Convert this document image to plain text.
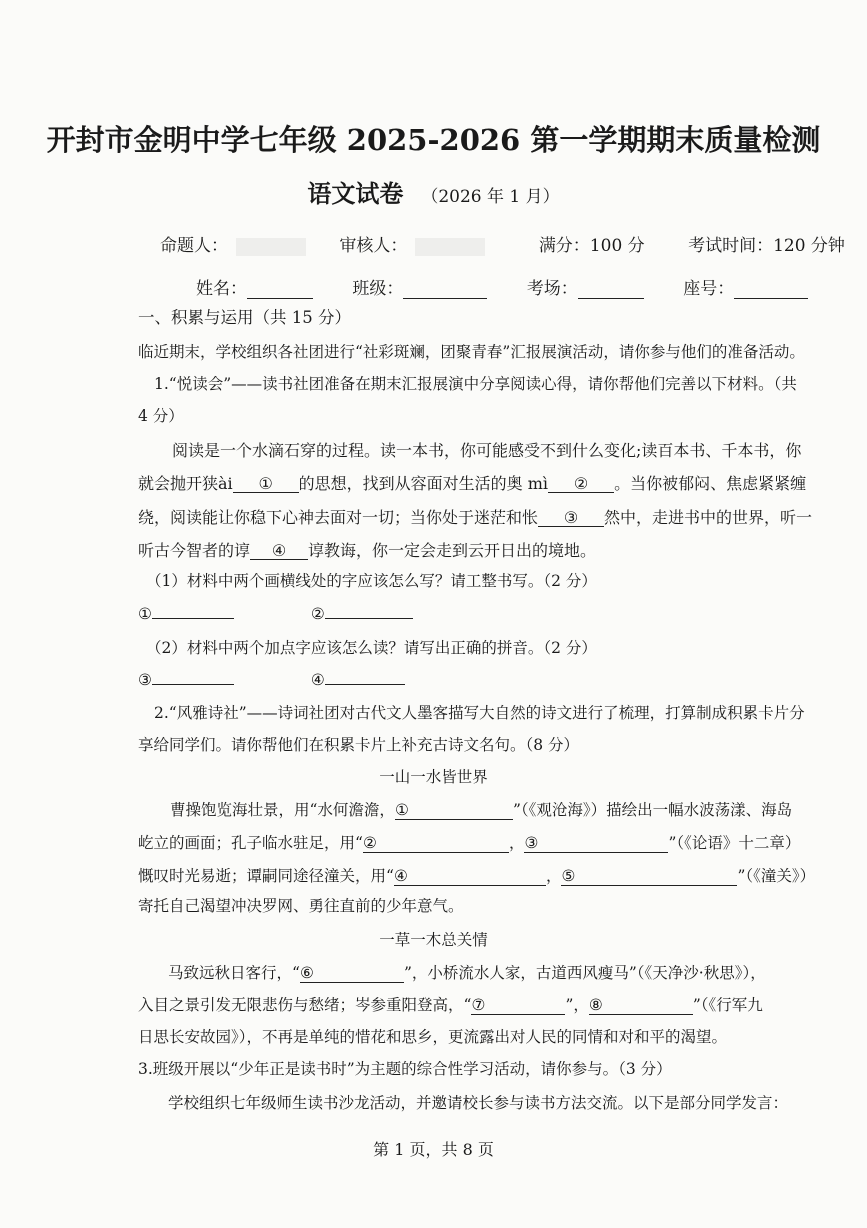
开封市金明中学七年级 2025-2026 第一学期期末质量检测
语文试卷 （2026 年 1 月）
命题人：	审核人：	满分：100 分	考试时间：120 分钟
姓名：	班级：	考场：	座号：
一、积累与运用（共 15 分）
临近期末，学校组织各社团进行“社彩斑斓，团聚青春”汇报展演活动，请你参与他们的准备活动。
1.“悦读会”——读书社团准备在期末汇报展演中分享阅读心得，请你帮他们完善以下材料。（共
4 分）
阅读是一个水滴石穿的过程。读一本书，你可能感受不到什么变化;读百本书、千本书，你
就会抛开狭ài ① 的思想，找到从容面对生活的奥 mì ② 。当你被郁闷、焦虑紧紧缠
绕，阅读能让你稳下心神去面对一切；当你处于迷茫和怅 ③ 然中，走进书中的世界，听一
听古今智者的谆 ④ 谆教诲，你一定会走到云开日出的境地。
（1）材料中两个画横线处的字应该怎么写？请工整书写。（2 分）
①	②
（2）材料中两个加点字应该怎么读？请写出正确的拼音。（2 分）
③	④
2.“风雅诗社”——诗词社团对古代文人墨客描写大自然的诗文进行了梳理，打算制成积累卡片分
享给同学们。请你帮他们在积累卡片上补充古诗文名句。（8 分）
一山一水皆世界
曹操饱览海壮景，用“水何澹澹，①	”（《观沧海》）描绘出一幅水波荡漾、海岛
屹立的画面；孔子临水驻足，用“②	，③	”（《论语》十二章）
慨叹时光易逝；谭嗣同途径潼关，用“④	，⑤	”（《潼关》）
寄托自己渴望冲决罗网、勇往直前的少年意气。
一草一木总关情
马致远秋日客行，“⑥	”，小桥流水人家，古道西风瘦马”（《天净沙·秋思》），
入目之景引发无限悲伤与愁绪；岑参重阳登高，“⑦	”，⑧	”（《行军九
日思长安故园》），不再是单纯的惜花和思乡，更流露出对人民的同情和对和平的渴望。
3.班级开展以“少年正是读书时”为主题的综合性学习活动，请你参与。（3 分）
学校组织七年级师生读书沙龙活动，并邀请校长参与读书方法交流。以下是部分同学发言：
第 1 页，共 8 页
